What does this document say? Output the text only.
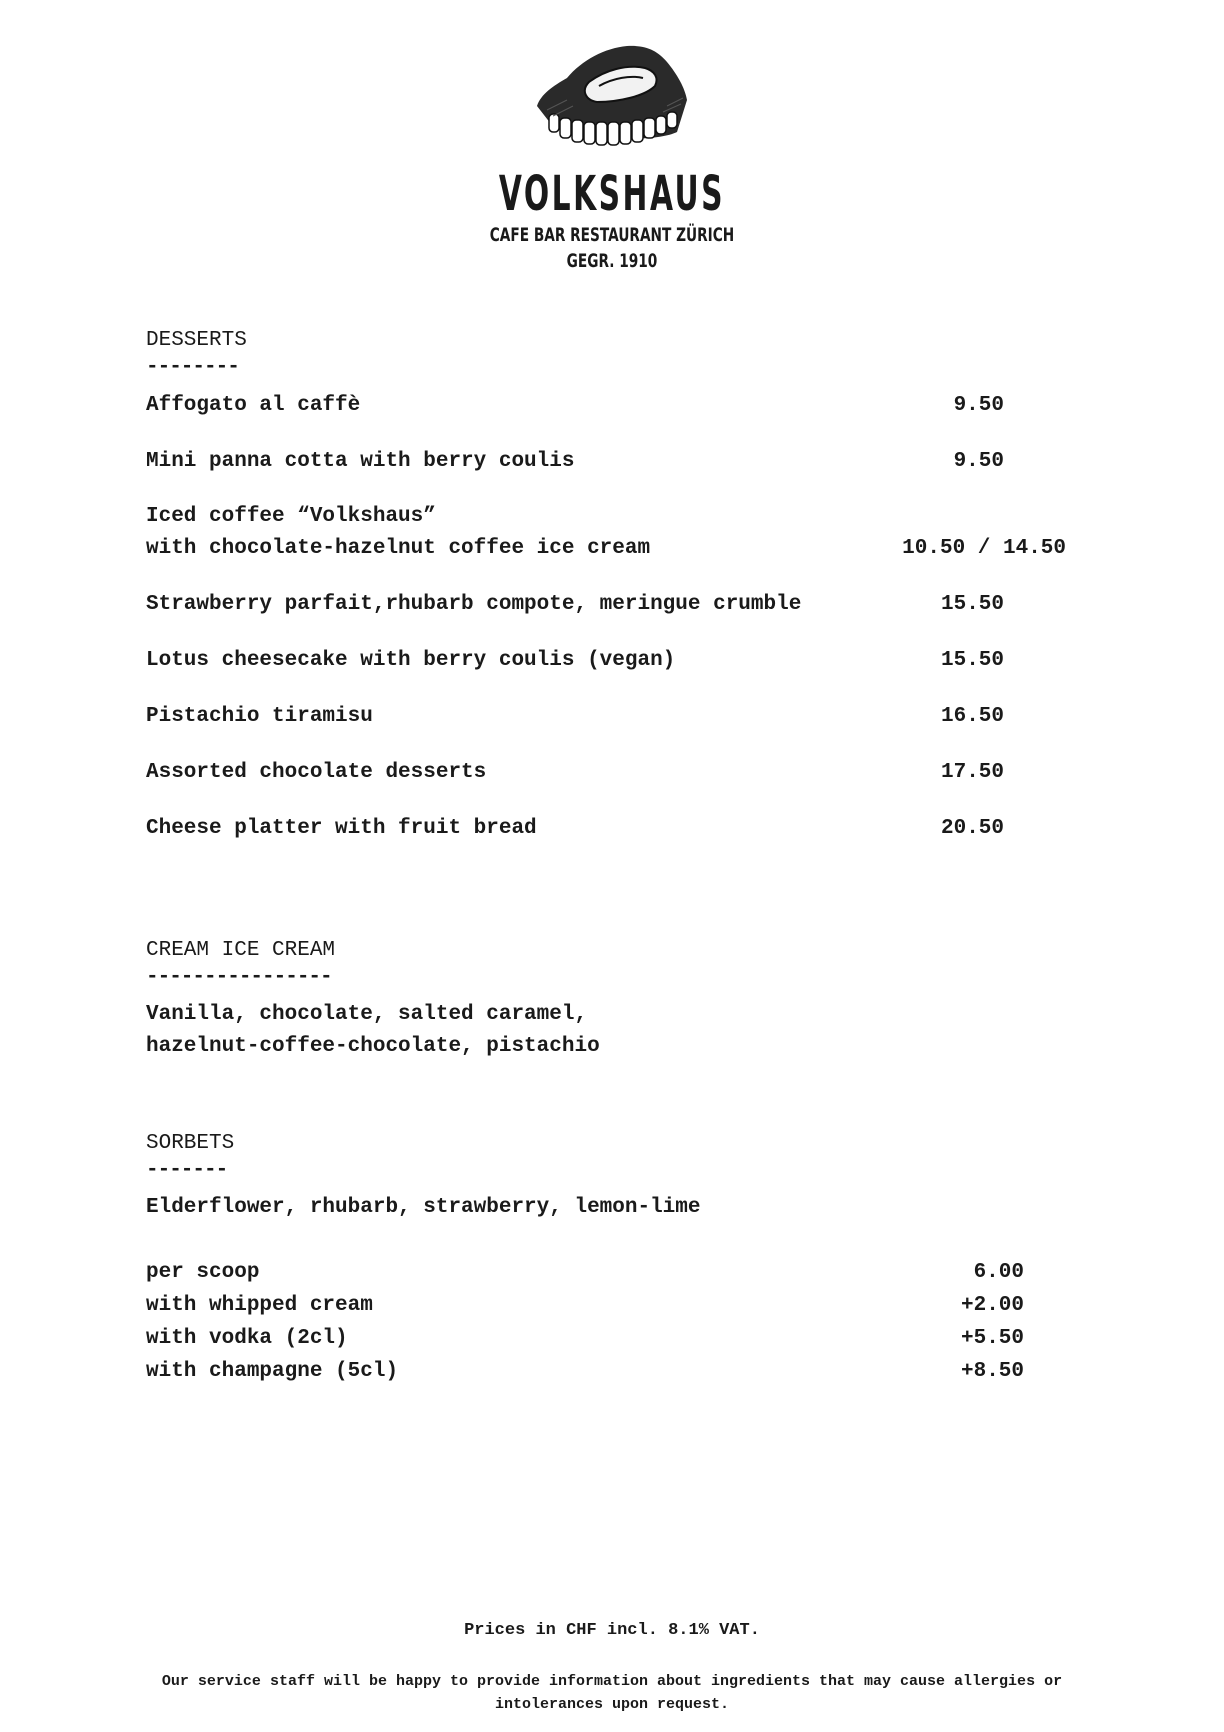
VOLKSHAUS
CAFE BAR RESTAURANT ZÜRICH
GEGR. 1910
DESSERTS
--------
Affogato al caffè	9.50
Mini panna cotta with berry coulis	9.50
Iced coffee “Volkshaus”
with chocolate-hazelnut coffee ice cream	10.50 / 14.50
Strawberry parfait,rhubarb compote, meringue crumble	15.50
Lotus cheesecake with berry coulis (vegan)	15.50
Pistachio tiramisu	16.50
Assorted chocolate desserts	17.50
Cheese platter with fruit bread	20.50
CREAM ICE CREAM
----------------
Vanilla, chocolate, salted caramel,
hazelnut-coffee-chocolate, pistachio
SORBETS
-------
Elderflower, rhubarb, strawberry, lemon-lime
per scoop	6.00
with whipped cream	+2.00
with vodka (2cl)	+5.50
with champagne (5cl)	+8.50
Prices in CHF incl. 8.1% VAT.
Our service staff will be happy to provide information about ingredients that may cause allergies or intolerances upon request.
